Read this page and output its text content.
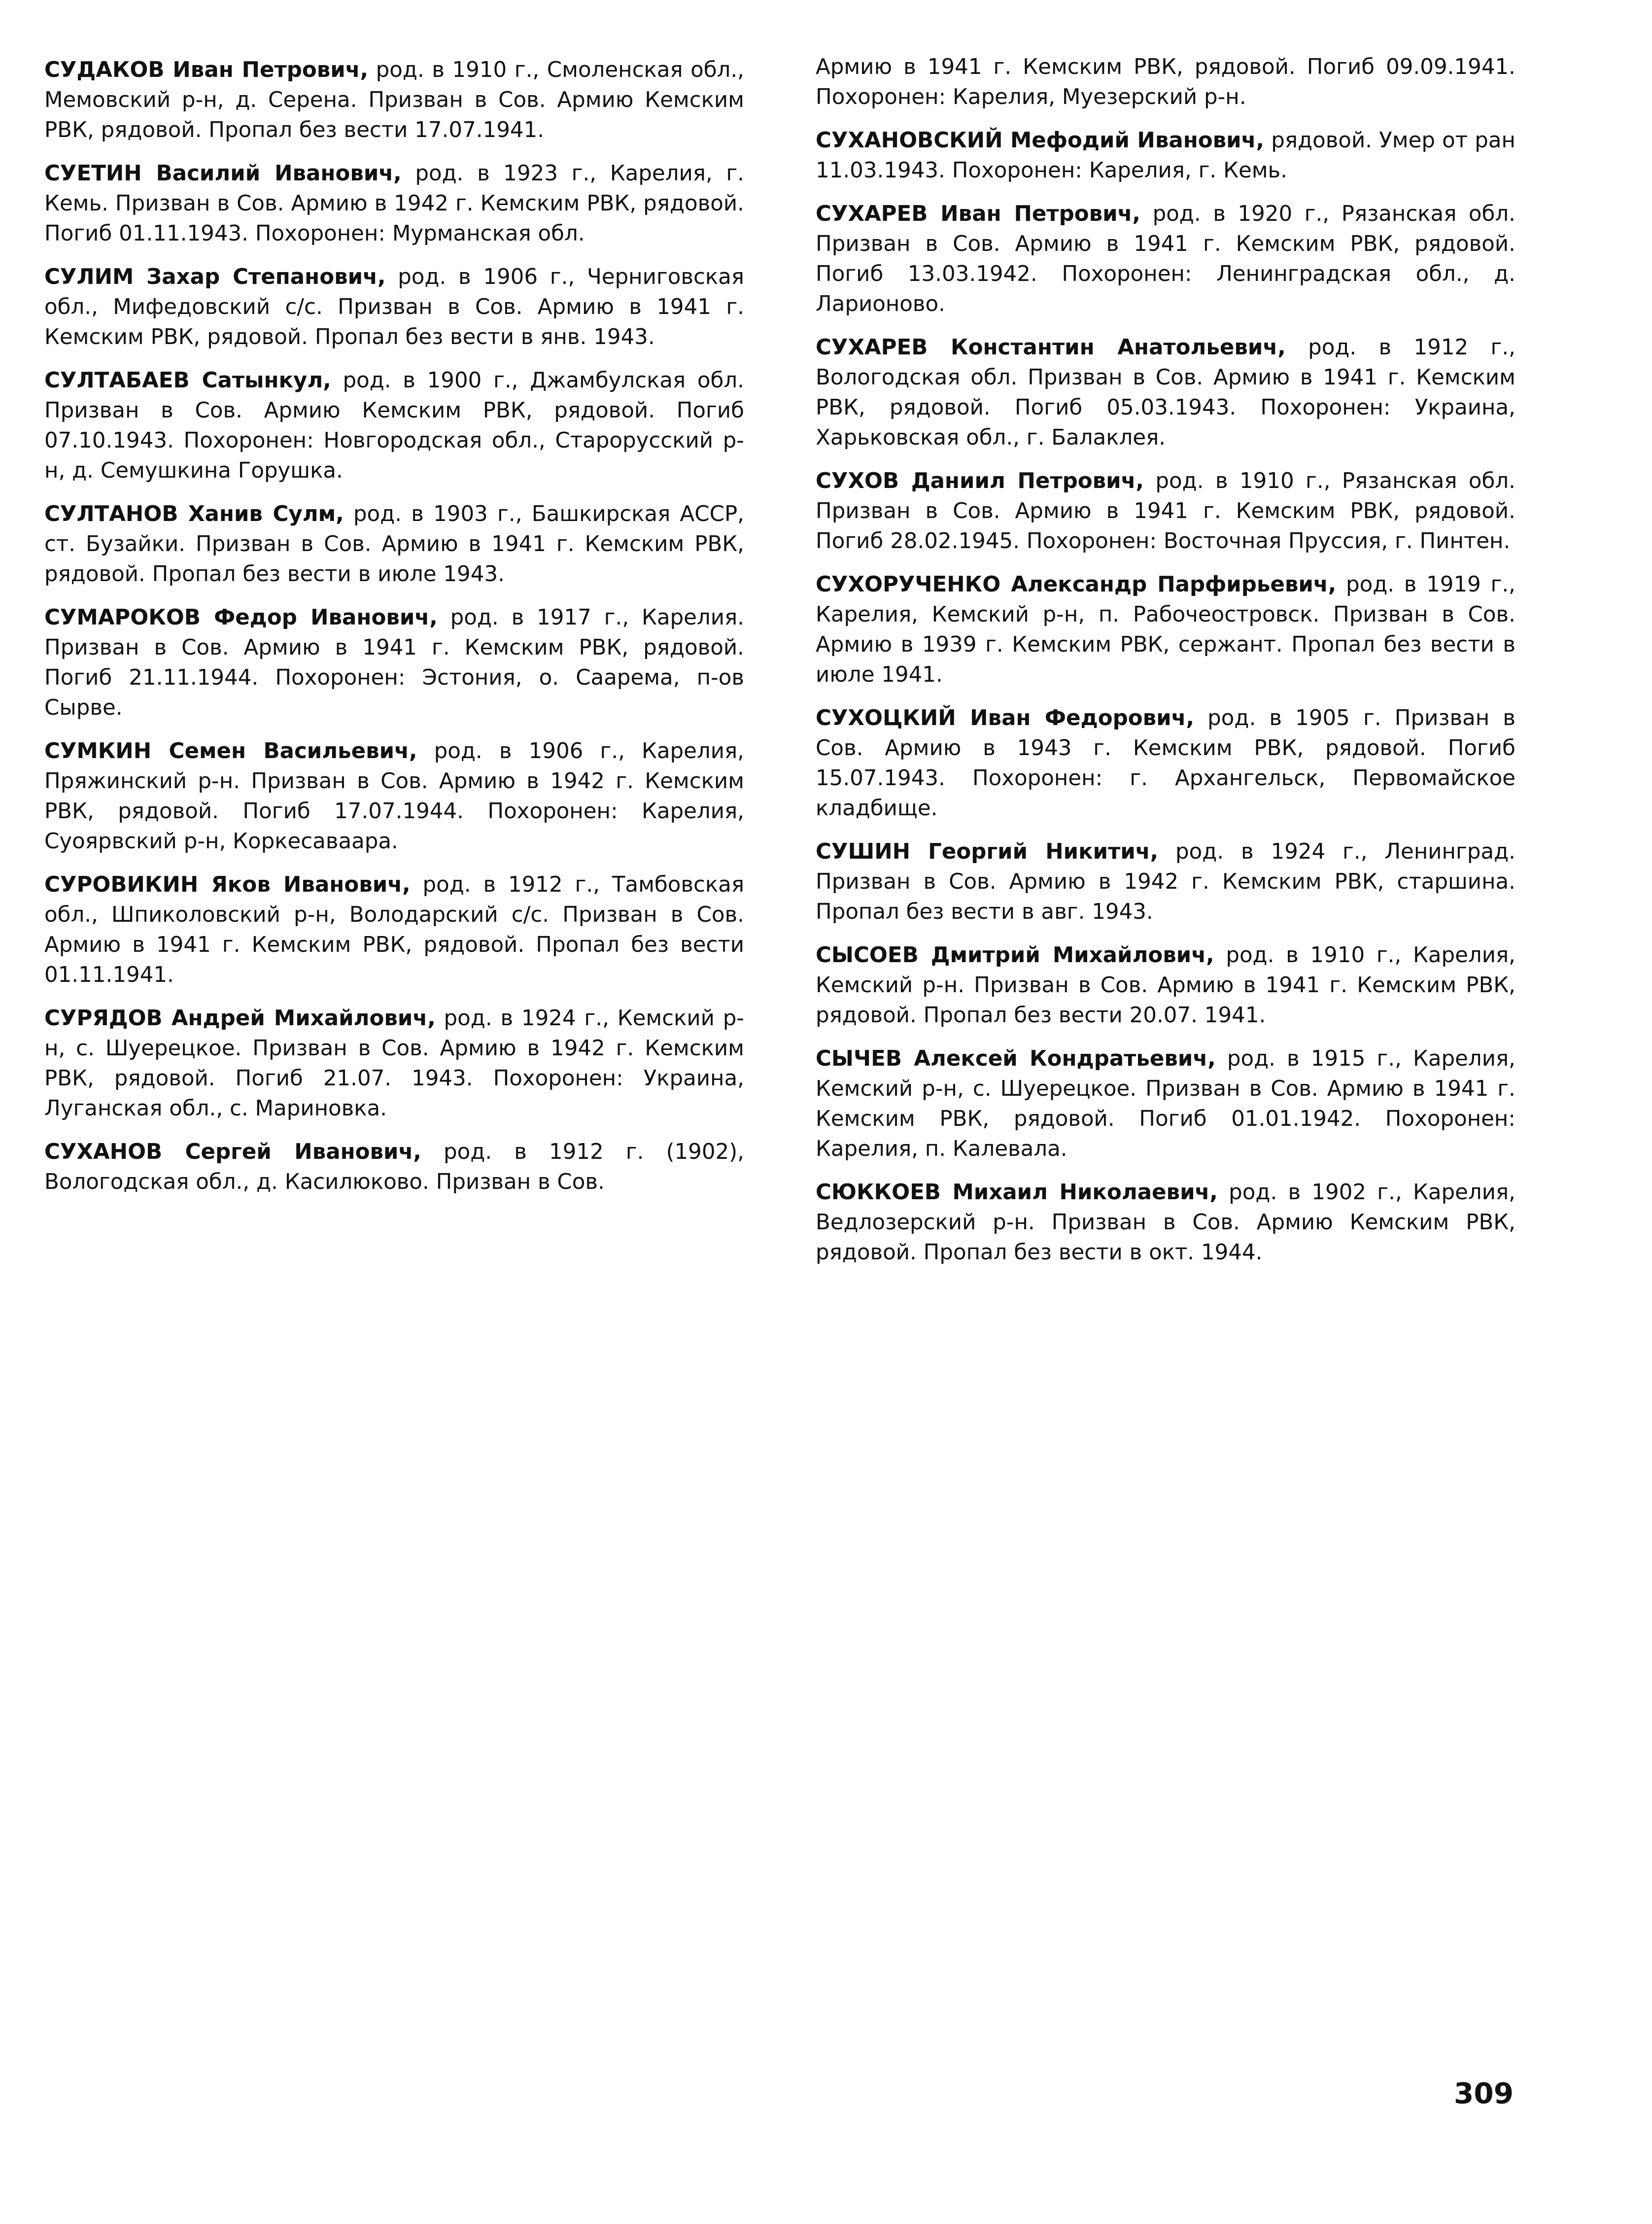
СУДАКОВ Иван Петрович, род. в 1910 г., Смоленская обл., Мемовский р-н, д. Серена. Призван в Сов. Армию Кемским РВК, рядовой. Пропал без вести 17.07.1941.

СУЕТИН Василий Иванович, род. в 1923 г., Карелия, г. Кемь. Призван в Сов. Армию в 1942 г. Кемским РВК, рядовой. Погиб 01.11.1943. Похоронен: Мурманская обл.

СУЛИМ Захар Степанович, род. в 1906 г., Черниговская обл., Мифедовский с/с. Призван в Сов. Армию в 1941 г. Кемским РВК, рядовой. Пропал без вести в янв. 1943.

СУЛТАБАЕВ Сатынкул, род. в 1900 г., Джамбулская обл. Призван в Сов. Армию Кемским РВК, рядовой. Погиб 07.10.1943. Похоронен: Новгородская обл., Старорусский р-н, д. Семушкина Горушка.

СУЛТАНОВ Ханив Сулм, род. в 1903 г., Башкирская АССР, ст. Бузайки. Призван в Сов. Армию в 1941 г. Кемским РВК, рядовой. Пропал без вести в июле 1943.

СУМАРОКОВ Федор Иванович, род. в 1917 г., Карелия. Призван в Сов. Армию в 1941 г. Кемским РВК, рядовой. Погиб 21.11.1944. Похоронен: Эстония, о. Саарема, п-ов Сырве.

СУМКИН Семен Васильевич, род. в 1906 г., Карелия, Пряжинский р-н. Призван в Сов. Армию в 1942 г. Кемским РВК, рядовой. Погиб 17.07.1944. Похоронен: Карелия, Суоярвский р-н, Коркесаваара.

СУРОВИКИН Яков Иванович, род. в 1912 г., Тамбовская обл., Шпиколовский р-н, Володарский с/с. Призван в Сов. Армию в 1941 г. Кемским РВК, рядовой. Пропал без вести 01.11.1941.

СУРЯДОВ Андрей Михайлович, род. в 1924 г., Кемский р-н, с. Шуерецкое. Призван в Сов. Армию в 1942 г. Кемским РВК, рядовой. Погиб 21.07. 1943. Похоронен: Украина, Луганская обл., с. Мариновка.

СУХАНОВ Сергей Иванович, род. в 1912 г. (1902), Вологодская обл., д. Касилюково. Призван в Сов.

Армию в 1941 г. Кемским РВК, рядовой. Погиб 09.09.1941. Похоронен: Карелия, Муезерский р-н.

СУХАНОВСКИЙ Мефодий Иванович, рядовой. Умер от ран 11.03.1943. Похоронен: Карелия, г. Кемь.

СУХАРЕВ Иван Петрович, род. в 1920 г., Рязанская обл. Призван в Сов. Армию в 1941 г. Кемским РВК, рядовой. Погиб 13.03.1942. Похоронен: Ленинградская обл., д. Ларионово.

СУХАРЕВ Константин Анатольевич, род. в 1912 г., Вологодская обл. Призван в Сов. Армию в 1941 г. Кемским РВК, рядовой. Погиб 05.03.1943. Похоронен: Украина, Харьковская обл., г. Балаклея.

СУХОВ Даниил Петрович, род. в 1910 г., Рязанская обл. Призван в Сов. Армию в 1941 г. Кемским РВК, рядовой. Погиб 28.02.1945. Похоронен: Восточная Пруссия, г. Пинтен.

СУХОРУЧЕНКО Александр Парфирьевич, род. в 1919 г., Карелия, Кемский р-н, п. Рабочеостровск. Призван в Сов. Армию в 1939 г. Кемским РВК, сержант. Пропал без вести в июле 1941.

СУХОЦКИЙ Иван Федорович, род. в 1905 г. Призван в Сов. Армию в 1943 г. Кемским РВК, рядовой. Погиб 15.07.1943. Похоронен: г. Архангельск, Первомайское кладбище.

СУШИН Георгий Никитич, род. в 1924 г., Ленинград. Призван в Сов. Армию в 1942 г. Кемским РВК, старшина. Пропал без вести в авг. 1943.

СЫСОЕВ Дмитрий Михайлович, род. в 1910 г., Карелия, Кемский р-н. Призван в Сов. Армию в 1941 г. Кемским РВК, рядовой. Пропал без вести 20.07. 1941.

СЫЧЕВ Алексей Кондратьевич, род. в 1915 г., Карелия, Кемский р-н, с. Шуерецкое. Призван в Сов. Армию в 1941 г. Кемским РВК, рядовой. Погиб 01.01.1942. Похоронен: Карелия, п. Калевала.

СЮККОЕВ Михаил Николаевич, род. в 1902 г., Карелия, Ведлозерский р-н. Призван в Сов. Армию Кемским РВК, рядовой. Пропал без вести в окт. 1944.

309
